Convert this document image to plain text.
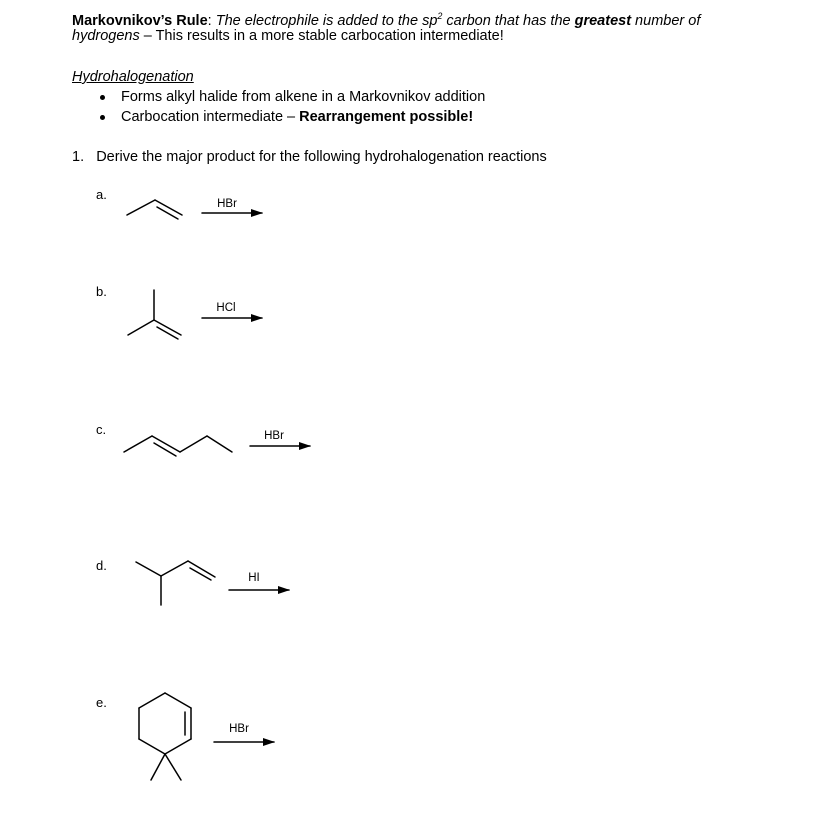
Markovnikov’s Rule: The electrophile is added to the $sp^2$ carbon that has the greatest number of
hydrogens – This results in a more stable carbocation intermediate!
Hydrohalogenation
Forms alkyl halide from alkene in a Markovnikov addition
Carbocation intermediate – Rearrangement possible!
1. Derive the major product for the following hydrohalogenation reactions
a.
b.
c.
d.
e.
HBr
HCl
HBr
HI
HBr
